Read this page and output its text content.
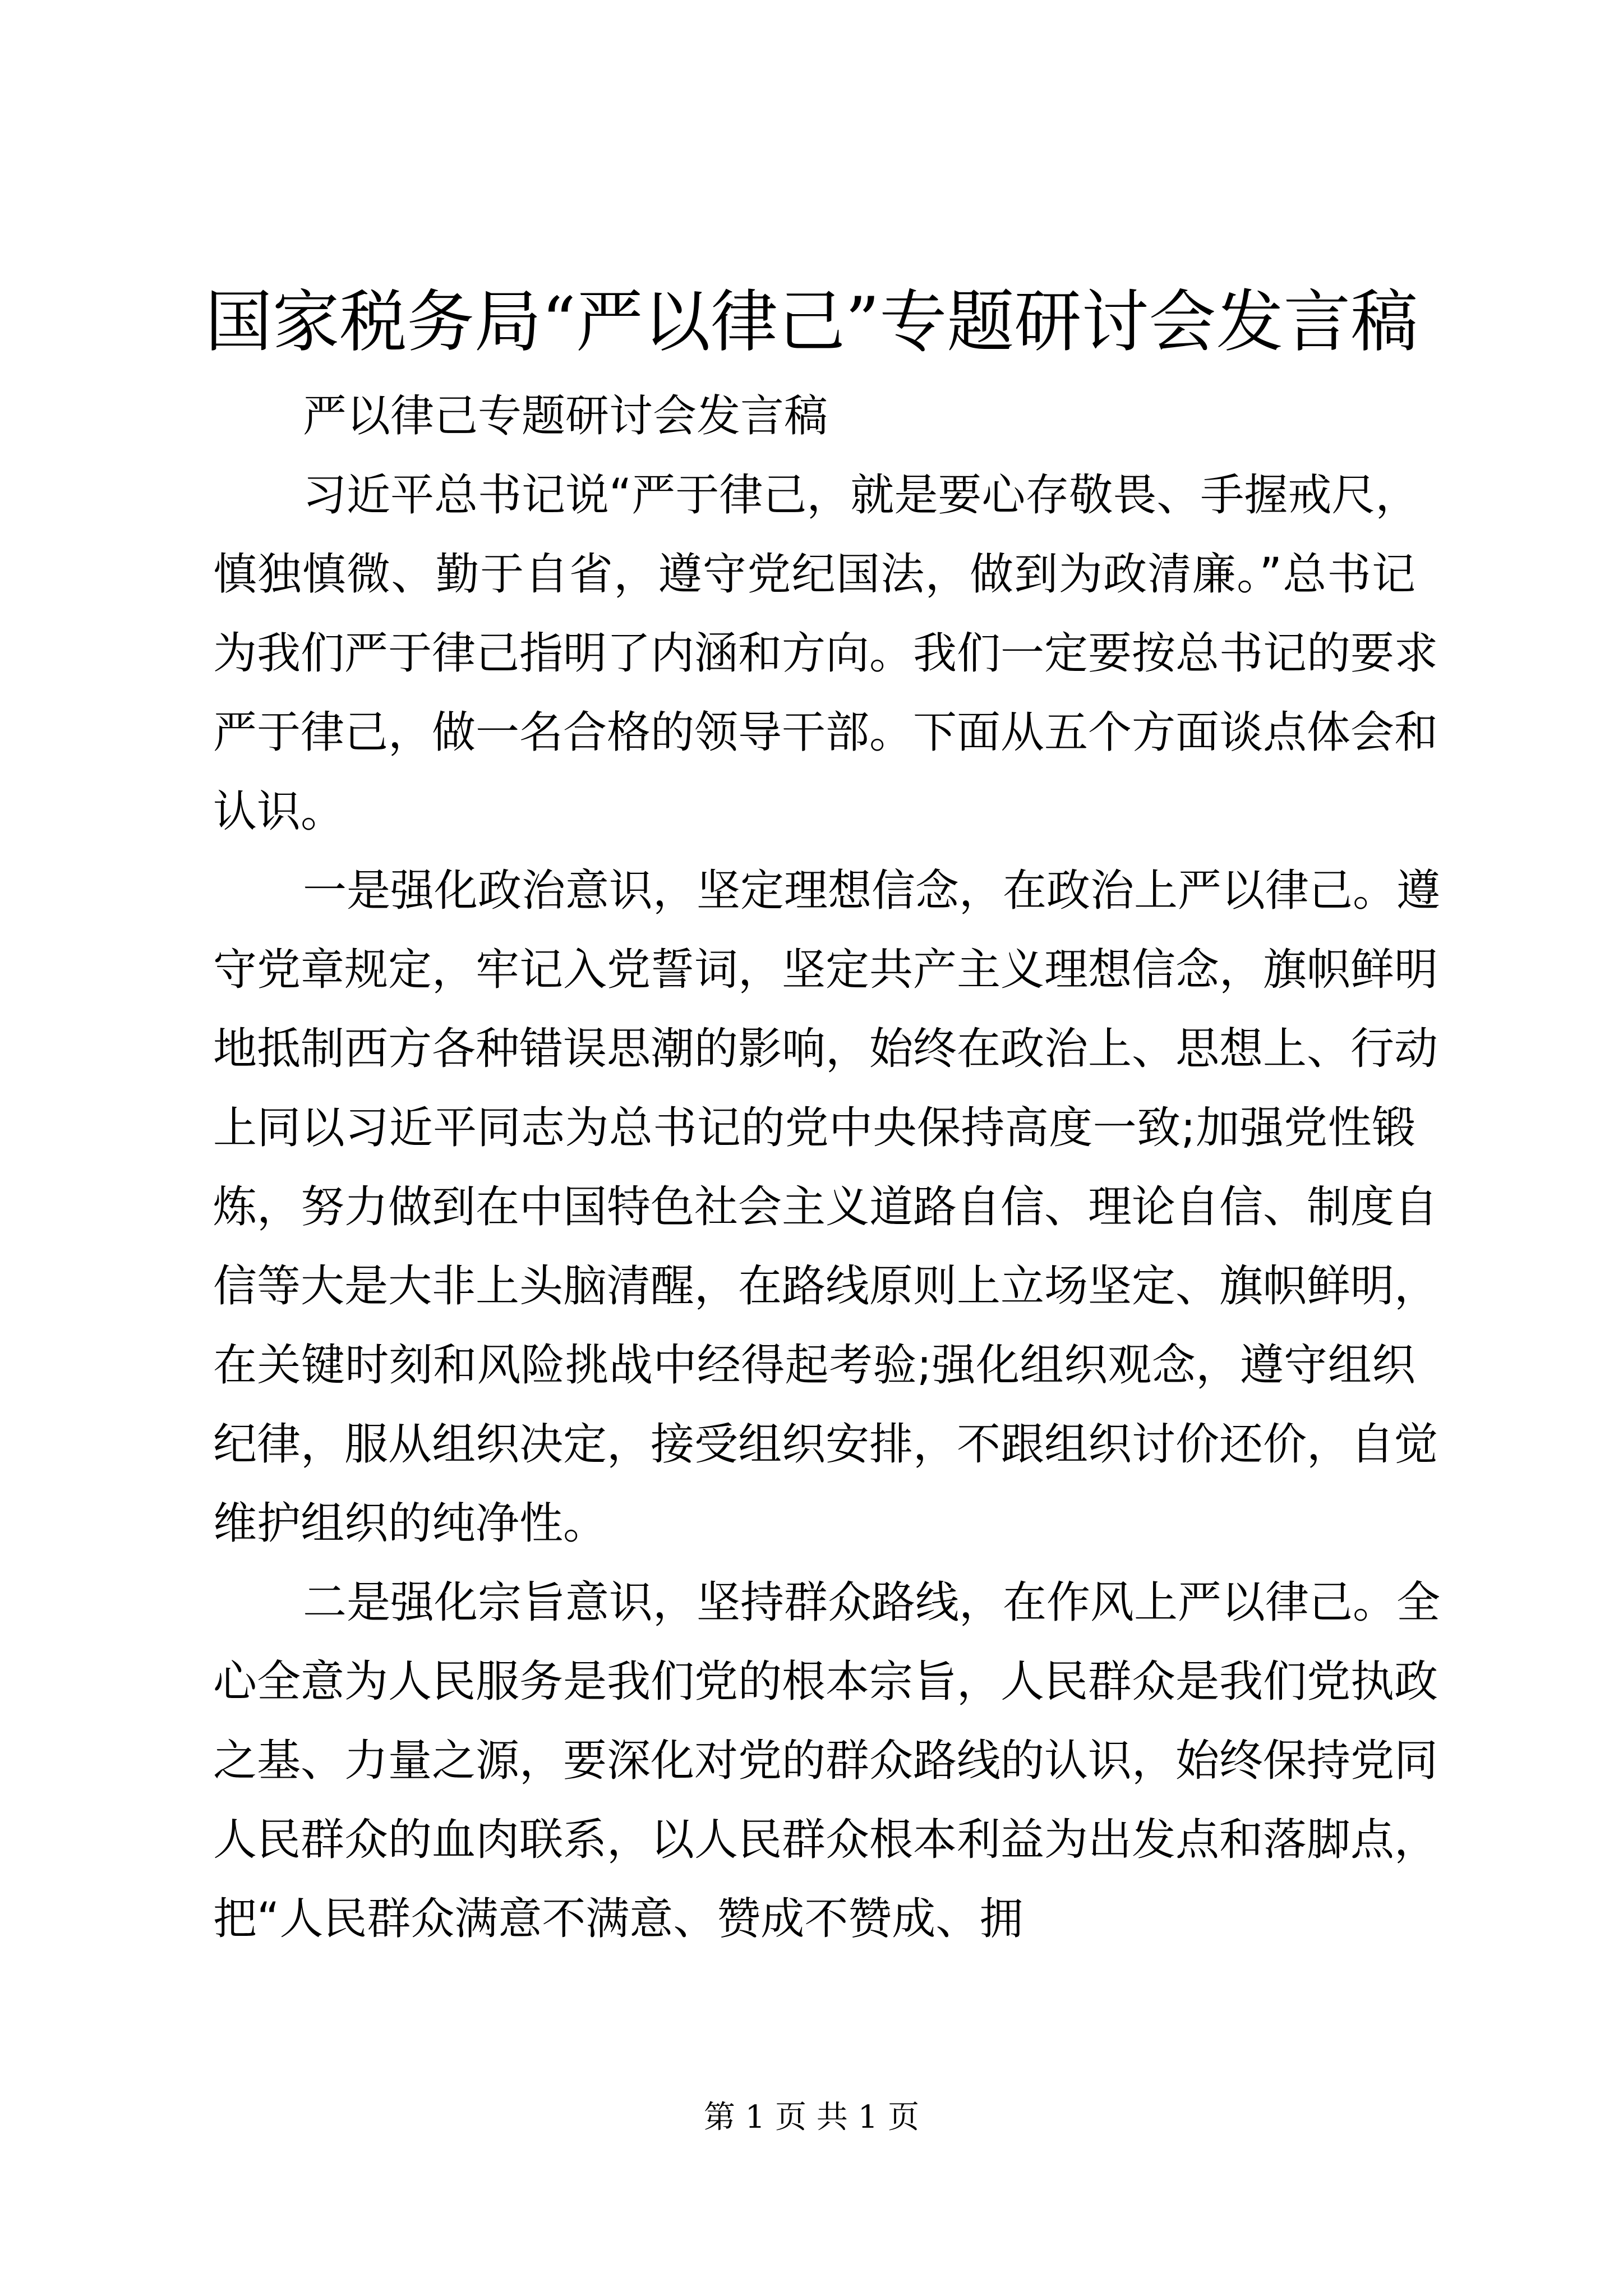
国家税务局“严以律己”专题研讨会发言稿
严以律己专题研讨会发言稿
习近平总书记说“严于律己，就是要心存敬畏、手握戒尺，
慎独慎微、勤于自省，遵守党纪国法，做到为政清廉。”总书记
为我们严于律己指明了内涵和方向。我们一定要按总书记的要求
严于律己，做一名合格的领导干部。下面从五个方面谈点体会和
认识。
一是强化政治意识，坚定理想信念，在政治上严以律己。遵
守党章规定，牢记入党誓词，坚定共产主义理想信念，旗帜鲜明
地抵制西方各种错误思潮的影响，始终在政治上、思想上、行动
上同以习近平同志为总书记的党中央保持高度一致;加强党性锻
炼，努力做到在中国特色社会主义道路自信、理论自信、制度自
信等大是大非上头脑清醒，在路线原则上立场坚定、旗帜鲜明，
在关键时刻和风险挑战中经得起考验;强化组织观念，遵守组织
纪律，服从组织决定，接受组织安排，不跟组织讨价还价，自觉
维护组织的纯净性。
二是强化宗旨意识，坚持群众路线，在作风上严以律己。全
心全意为人民服务是我们党的根本宗旨，人民群众是我们党执政
之基、力量之源，要深化对党的群众路线的认识，始终保持党同
人民群众的血肉联系，以人民群众根本利益为出发点和落脚点，
把“人民群众满意不满意、赞成不赞成、拥
第 1 页 共 1 页
